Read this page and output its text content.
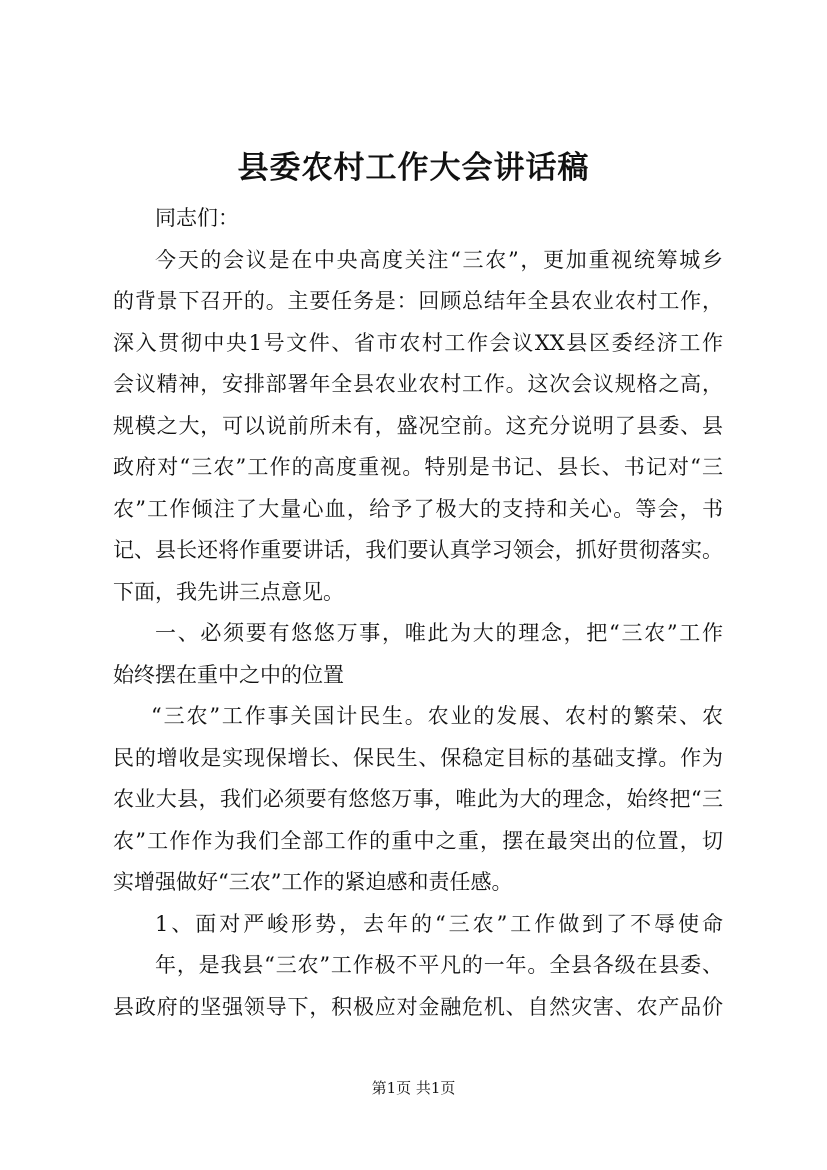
县委农村工作大会讲话稿
同志们：
今天的会议是在中央高度关注“三农”，更加重视统筹城乡
的背景下召开的。主要任务是：回顾总结年全县农业农村工作，
深入贯彻中央1号文件、省市农村工作会议XX县区委经济工作
会议精神，安排部署年全县农业农村工作。这次会议规格之高，
规模之大，可以说前所未有，盛况空前。这充分说明了县委、县
政府对“三农”工作的高度重视。特别是书记、县长、书记对“三
农”工作倾注了大量心血，给予了极大的支持和关心。等会，书
记、县长还将作重要讲话，我们要认真学习领会，抓好贯彻落实。
下面，我先讲三点意见。
一、必须要有悠悠万事，唯此为大的理念，把“三农”工作
始终摆在重中之中的位置
“三农”工作事关国计民生。农业的发展、农村的繁荣、农
民的增收是实现保增长、保民生、保稳定目标的基础支撑。作为
农业大县，我们必须要有悠悠万事，唯此为大的理念，始终把“三
农”工作作为我们全部工作的重中之重，摆在最突出的位置，切
实增强做好“三农”工作的紧迫感和责任感。
1、面对严峻形势，去年的“三农”工作做到了不辱使命
年，是我县“三农”工作极不平凡的一年。全县各级在县委、
县政府的坚强领导下，积极应对金融危机、自然灾害、农产品价
第1页 共1页
